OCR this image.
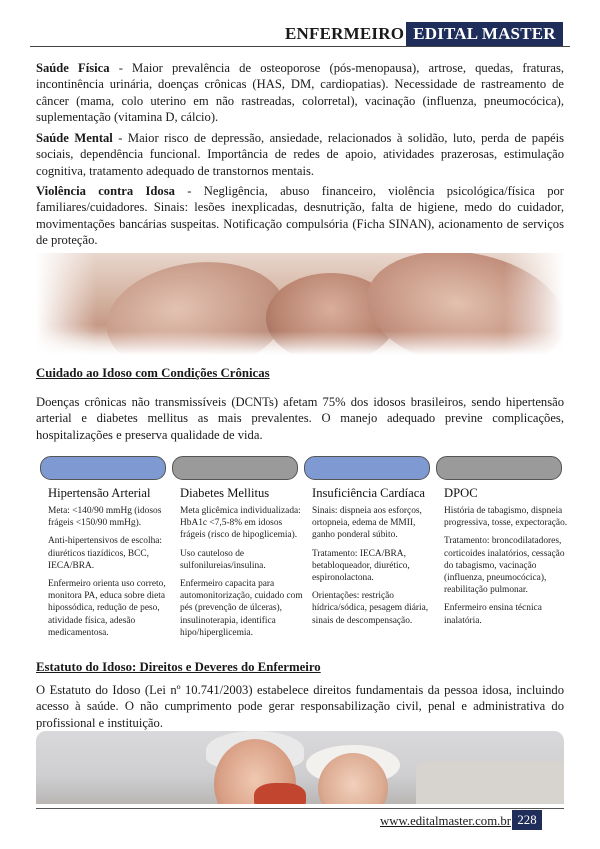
ENFERMEIRO EDITAL MASTER
Saúde Física - Maior prevalência de osteoporose (pós-menopausa), artrose, quedas, fraturas, incontinência urinária, doenças crônicas (HAS, DM, cardiopatias). Necessidade de rastreamento de câncer (mama, colo uterino em não rastreadas, colorretal), vacinação (influenza, pneumocócica), suplementação (vitamina D, cálcio).
Saúde Mental - Maior risco de depressão, ansiedade, relacionados à solidão, luto, perda de papéis sociais, dependência funcional. Importância de redes de apoio, atividades prazerosas, estimulação cognitiva, tratamento adequado de transtornos mentais.
Violência contra Idosa - Negligência, abuso financeiro, violência psicológica/física por familiares/cuidadores. Sinais: lesões inexplicadas, desnutrição, falta de higiene, medo do cuidador, movimentações bancárias suspeitas. Notificação compulsória (Ficha SINAN), acionamento de serviços de proteção.
Cuidado ao Idoso com Condições Crônicas
Doenças crônicas não transmissíveis (DCNTs) afetam 75% dos idosos brasileiros, sendo hipertensão arterial e diabetes mellitus as mais prevalentes. O manejo adequado previne complicações, hospitalizações e preserva qualidade de vida.
Hipertensão Arterial
Meta: <140/90 mmHg (idosos frágeis <150/90 mmHg).
Anti-hipertensivos de escolha: diuréticos tiazídicos, BCC, IECA/BRA.
Enfermeiro orienta uso correto, monitora PA, educa sobre dieta hipossódica, redução de peso, atividade física, adesão medicamentosa.
Diabetes Mellitus
Meta glicêmica individualizada: HbA1c <7,5-8% em idosos frágeis (risco de hipoglicemia).
Uso cauteloso de sulfonilureias/insulina.
Enfermeiro capacita para automonitorização, cuidado com pés (prevenção de úlceras), insulinoterapia, identifica hipo/hiperglicemia.
Insuficiência Cardíaca
Sinais: dispneia aos esforços, ortopneia, edema de MMII, ganho ponderal súbito.
Tratamento: IECA/BRA, betabloqueador, diurético, espironolactona.
Orientações: restrição hídrica/sódica, pesagem diária, sinais de descompensação.
DPOC
História de tabagismo, dispneia progressiva, tosse, expectoração.
Tratamento: broncodilatadores, corticoides inalatórios, cessação do tabagismo, vacinação (influenza, pneumocócica), reabilitação pulmonar.
Enfermeiro ensina técnica inalatória.
Estatuto do Idoso: Direitos e Deveres do Enfermeiro
O Estatuto do Idoso (Lei nº 10.741/2003) estabelece direitos fundamentais da pessoa idosa, incluindo acesso à saúde. O não cumprimento pode gerar responsabilização civil, penal e administrativa do profissional e instituição.
www.editalmaster.com.br 228
